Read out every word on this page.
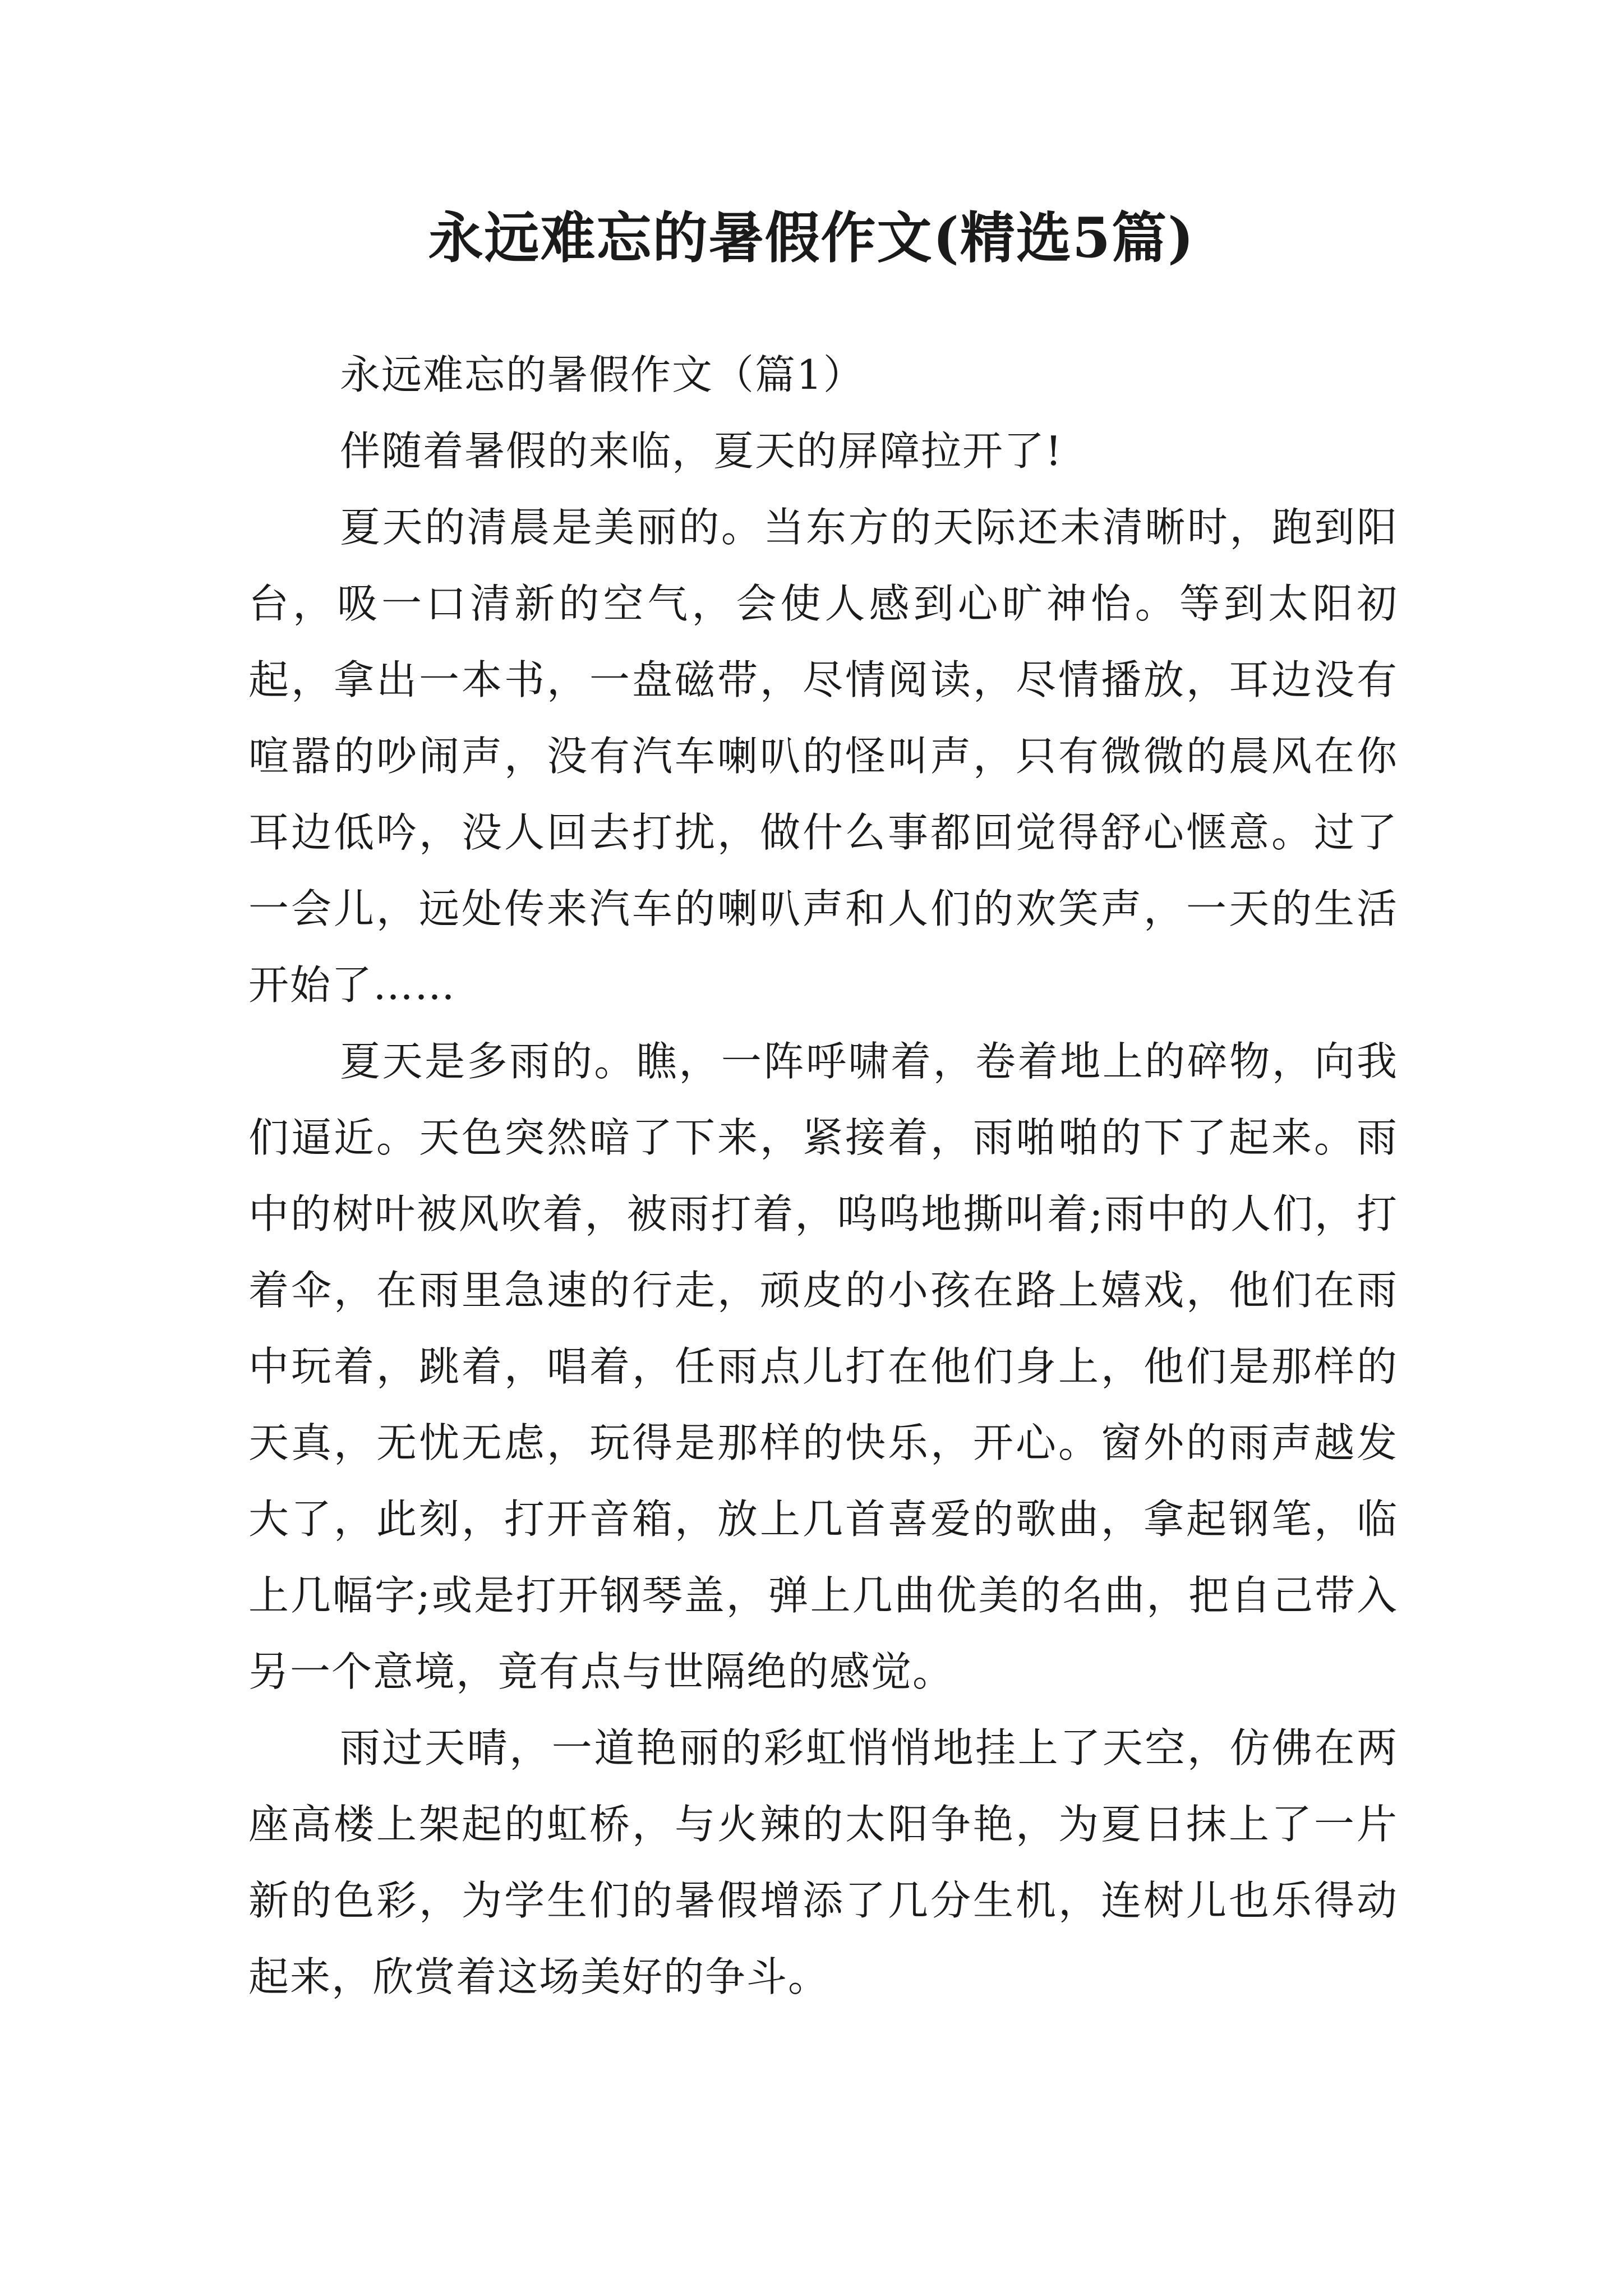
永远难忘的暑假作文(精选5篇)

永远难忘的暑假作文（篇1）

伴随着暑假的来临，夏天的屏障拉开了!

夏天的清晨是美丽的。当东方的天际还未清晰时，跑到阳台，吸一口清新的空气，会使人感到心旷神怡。等到太阳初起，拿出一本书，一盘磁带，尽情阅读，尽情播放，耳边没有喧嚣的吵闹声，没有汽车喇叭的怪叫声，只有微微的晨风在你耳边低吟，没人回去打扰，做什么事都回觉得舒心惬意。过了一会儿，远处传来汽车的喇叭声和人们的欢笑声，一天的生活开始了……

夏天是多雨的。瞧，一阵呼啸着，卷着地上的碎物，向我们逼近。天色突然暗了下来，紧接着，雨啪啪的下了起来。雨中的树叶被风吹着，被雨打着，呜呜地撕叫着;雨中的人们，打着伞，在雨里急速的行走，顽皮的小孩在路上嬉戏，他们在雨中玩着，跳着，唱着，任雨点儿打在他们身上，他们是那样的天真，无忧无虑，玩得是那样的快乐，开心。窗外的雨声越发大了，此刻，打开音箱，放上几首喜爱的歌曲，拿起钢笔，临上几幅字;或是打开钢琴盖，弹上几曲优美的名曲，把自己带入另一个意境，竟有点与世隔绝的感觉。

雨过天晴，一道艳丽的彩虹悄悄地挂上了天空，仿佛在两座高楼上架起的虹桥，与火辣的太阳争艳，为夏日抹上了一片新的色彩，为学生们的暑假增添了几分生机，连树儿也乐得动起来，欣赏着这场美好的争斗。
